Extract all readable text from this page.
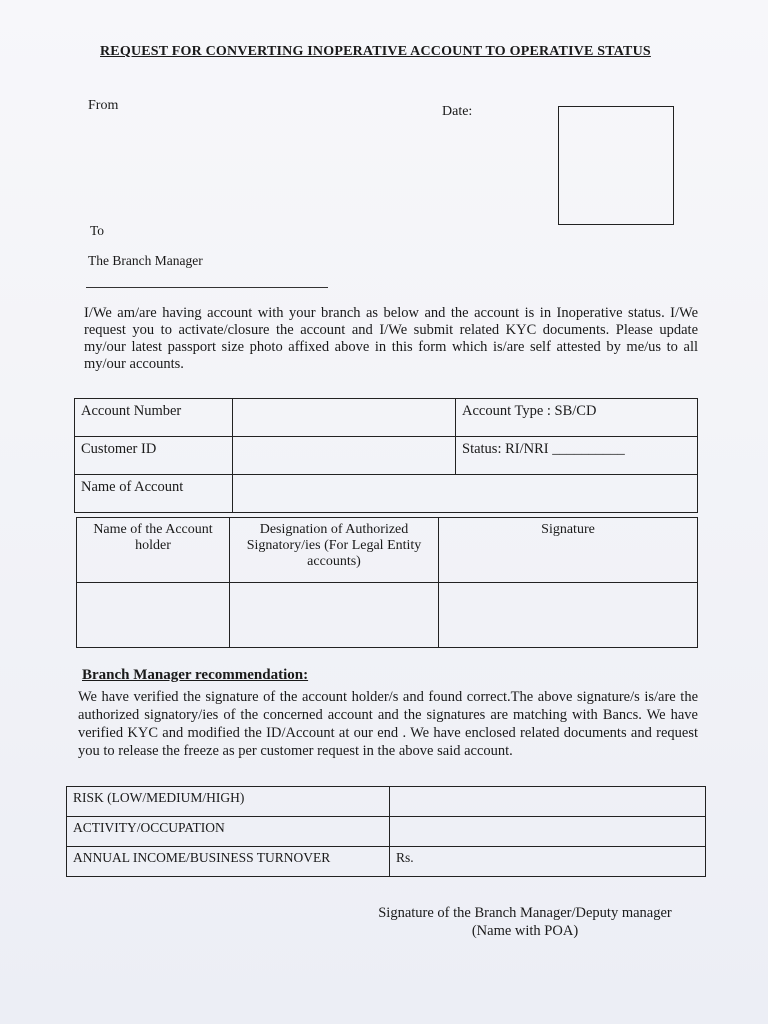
REQUEST FOR CONVERTING INOPERATIVE ACCOUNT TO OPERATIVE STATUS
From	Date:
To
The Branch Manager
I/We am/are having account with your branch as below and the account is in Inoperative status. I/We request you to activate/closure the account and I/We submit related KYC documents. Please update my/our latest passport size photo affixed above in this form which is/are self attested by me/us to all my/our accounts.
Account Number		Account Type : SB/CD
Customer ID		Status: RI/NRI __________
Name of Account		
Name of the Account holder	Designation of Authorized Signatory/ies (For Legal Entity accounts)	Signature

Branch Manager recommendation:
We have verified the signature of the account holder/s and found correct.The above signature/s is/are the authorized signatory/ies of the concerned account and the signatures are matching with Bancs. We have verified KYC and modified the ID/Account at our end . We have enclosed related documents and request you to release the freeze as per customer request in the above said account.
RISK (LOW/MEDIUM/HIGH)	
ACTIVITY/OCCUPATION	
ANNUAL INCOME/BUSINESS TURNOVER	Rs.
Signature of the Branch Manager/Deputy manager
(Name with POA)
